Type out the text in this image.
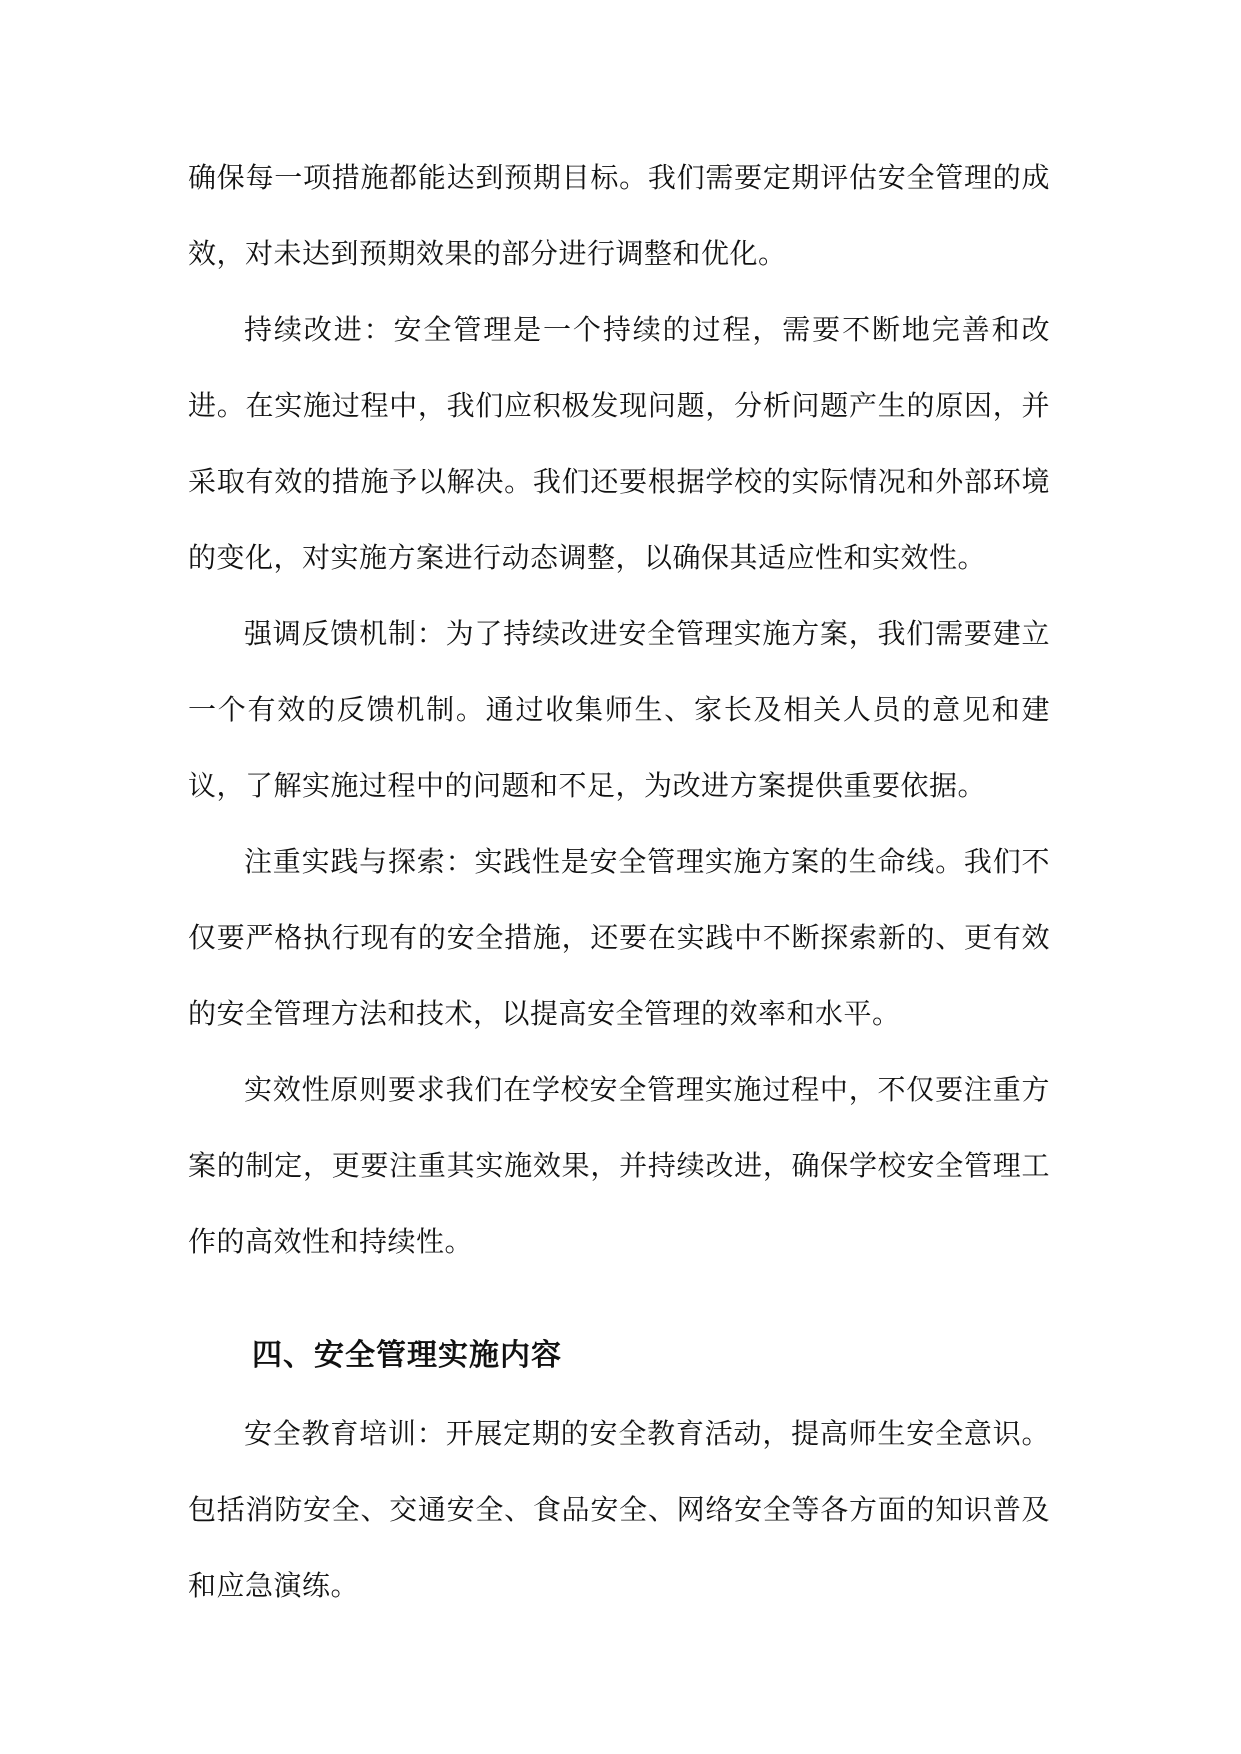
确保每一项措施都能达到预期目标。我们需要定期评估安全管理的成效，对未达到预期效果的部分进行调整和优化。

持续改进：安全管理是一个持续的过程，需要不断地完善和改进。在实施过程中，我们应积极发现问题，分析问题产生的原因，并采取有效的措施予以解决。我们还要根据学校的实际情况和外部环境的变化，对实施方案进行动态调整，以确保其适应性和实效性。

强调反馈机制：为了持续改进安全管理实施方案，我们需要建立一个有效的反馈机制。通过收集师生、家长及相关人员的意见和建议，了解实施过程中的问题和不足，为改进方案提供重要依据。

注重实践与探索：实践性是安全管理实施方案的生命线。我们不仅要严格执行现有的安全措施，还要在实践中不断探索新的、更有效的安全管理方法和技术，以提高安全管理的效率和水平。

实效性原则要求我们在学校安全管理实施过程中，不仅要注重方案的制定，更要注重其实施效果，并持续改进，确保学校安全管理工作的高效性和持续性。

四、安全管理实施内容

安全教育培训：开展定期的安全教育活动，提高师生安全意识。包括消防安全、交通安全、食品安全、网络安全等各方面的知识普及和应急演练。
